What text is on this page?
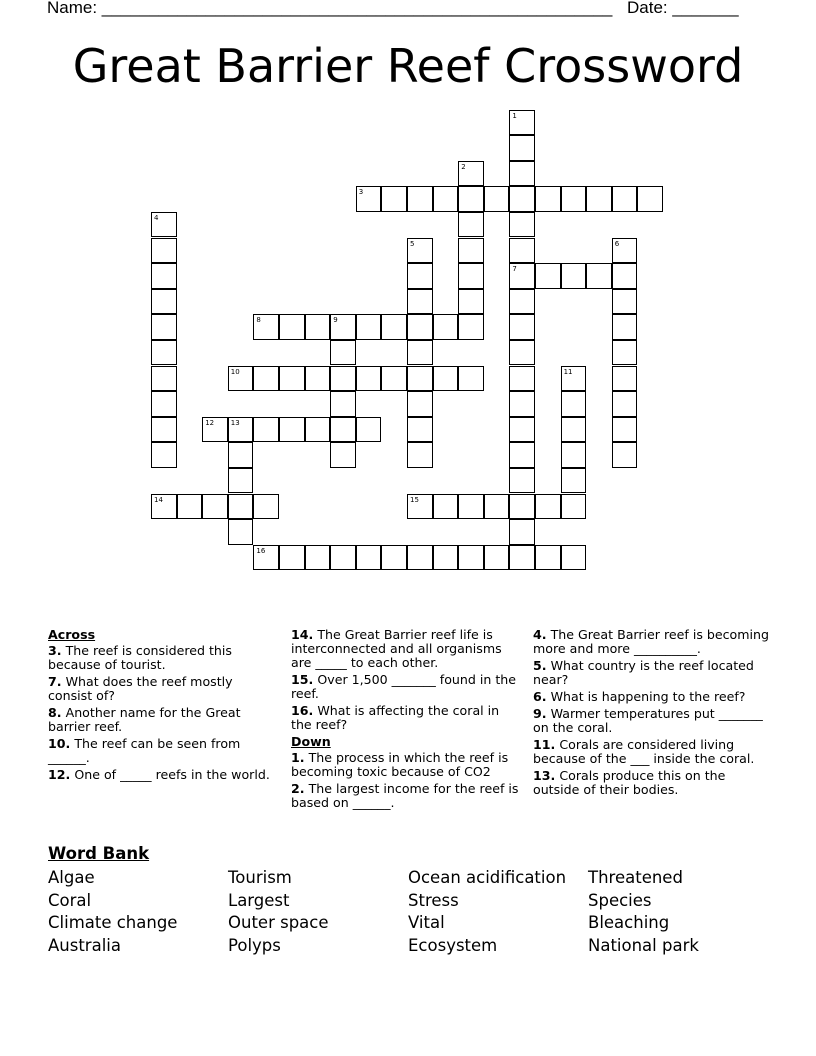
Name: ______________________________________________________ Date: _______
Great Barrier Reef Crossword
1
7
2
3
4
5	6
8	9
10	11
12 13
14	15
16
Across
3. The reef is considered this because of tourist.
7. What does the reef mostly consist of?
8. Another name for the Great barrier reef.
10. The reef can be seen from ______.
12. One of _____ reefs in the world.
14. The Great Barrier reef life is interconnected and all organisms are _____ to each other.
15. Over 1,500 _______ found in the reef.
16. What is affecting the coral in the reef?
Down
1. The process in which the reef is becoming toxic because of CO2
2. The largest income for the reef is based on ______.
4. The Great Barrier reef is becoming more and more __________.
5. What country is the reef located near?
6. What is happening to the reef?
9. Warmer temperatures put _______ on the coral.
11. Corals are considered living because of the ___ inside the coral.
13. Corals produce this on the outside of their bodies.
Word Bank
Algae
Coral
Climate change
Australia
Tourism
Largest
Outer space
Polyps
Ocean acidification
Stress
Vital
Ecosystem
Threatened
Species
Bleaching
National park
